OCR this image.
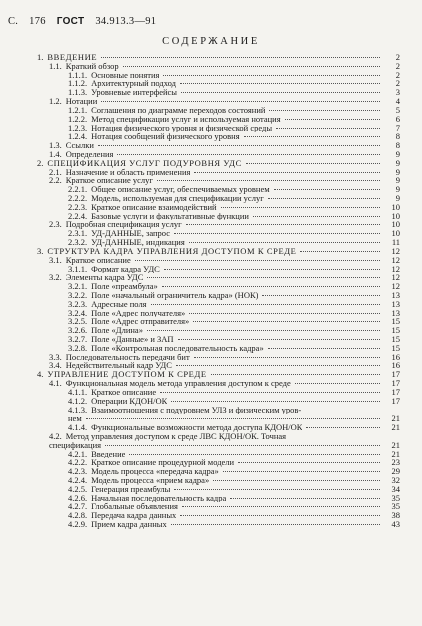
С. 176 ГОСТ 34.913.3—91
СОДЕРЖАНИЕ
1. ВВЕДЕНИЕ	2
1.1. Краткий обзор	2
1.1.1. Основные понятия	2
1.1.2. Архитектурный подход	2
1.1.3. Уровневые интерфейсы	3
1.2. Нотации	4
1.2.1. Соглашения по диаграмме переходов состояний	5
1.2.2. Метод спецификации услуг и используемая нотация	6
1.2.3. Нотация физического уровня и физической среды	7
1.2.4. Нотация сообщений физического уровня	8
1.3. Ссылки	8
1.4. Определения	9
2. СПЕЦИФИКАЦИЯ УСЛУГ ПОДУРОВНЯ УДС	9
2.1. Назначение и область применения	9
2.2. Краткое описание услуг	9
2.2.1. Общее описание услуг, обеспечиваемых уровнем	9
2.2.2. Модель, используемая для спецификации услуг	9
2.2.3. Краткое описание взаимодействий	10
2.2.4. Базовые услуги и факультативные функции	10
2.3. Подробная спецификация услуг	10
2.3.1. УД-ДАННЫЕ, запрос	10
2.3.2. УД-ДАННЫЕ, индикация	11
3. СТРУКТУРА КАДРА УПРАВЛЕНИЯ ДОСТУПОМ К СРЕДЕ	12
3.1. Краткое описание	12
3.1.1. Формат кадра УДС	12
3.2. Элементы кадра УДС	12
3.2.1. Поле «преамбула»	12
3.2.2. Поле «начальный ограничитель кадра» (НОК)	13
3.2.3. Адресные поля	13
3.2.4. Поле «Адрес получателя»	13
3.2.5. Поле «Адрес отправителя»	15
3.2.6. Поле «Длина»	15
3.2.7. Поле «Данные» и ЗАП	15
3.2.8. Поле «Контрольная последовательность кадра»	15
3.3. Последовательность передачи бит	16
3.4. Недействительный кадр УДС	16
4. УПРАВЛЕНИЕ ДОСТУПОМ К СРЕДЕ	17
4.1. Функциональная модель метода управления доступом к среде	17
4.1.1. Краткое описание	17
4.1.2. Операции КДОН/ОК	17
4.1.3. Взаимоотношения с подуровнем УЛЗ и физическим уров-
нем	21
4.1.4. Функциональные возможности метода доступа КДОН/ОК	21
4.2. Метод управления доступом к среде ЛВС КДОН/ОК. Точная
спецификация	21
4.2.1. Введение	21
4.2.2. Краткое описание процедурной модели	23
4.2.3. Модель процесса «передача кадра»	29
4.2.4. Модель процесса «прием кадра»	32
4.2.5. Генерация преамбулы	34
4.2.6. Начальная последовательность кадра	35
4.2.7. Глобальные объявления	35
4.2.8. Передача кадра данных	38
4.2.9. Прием кадра данных	43
